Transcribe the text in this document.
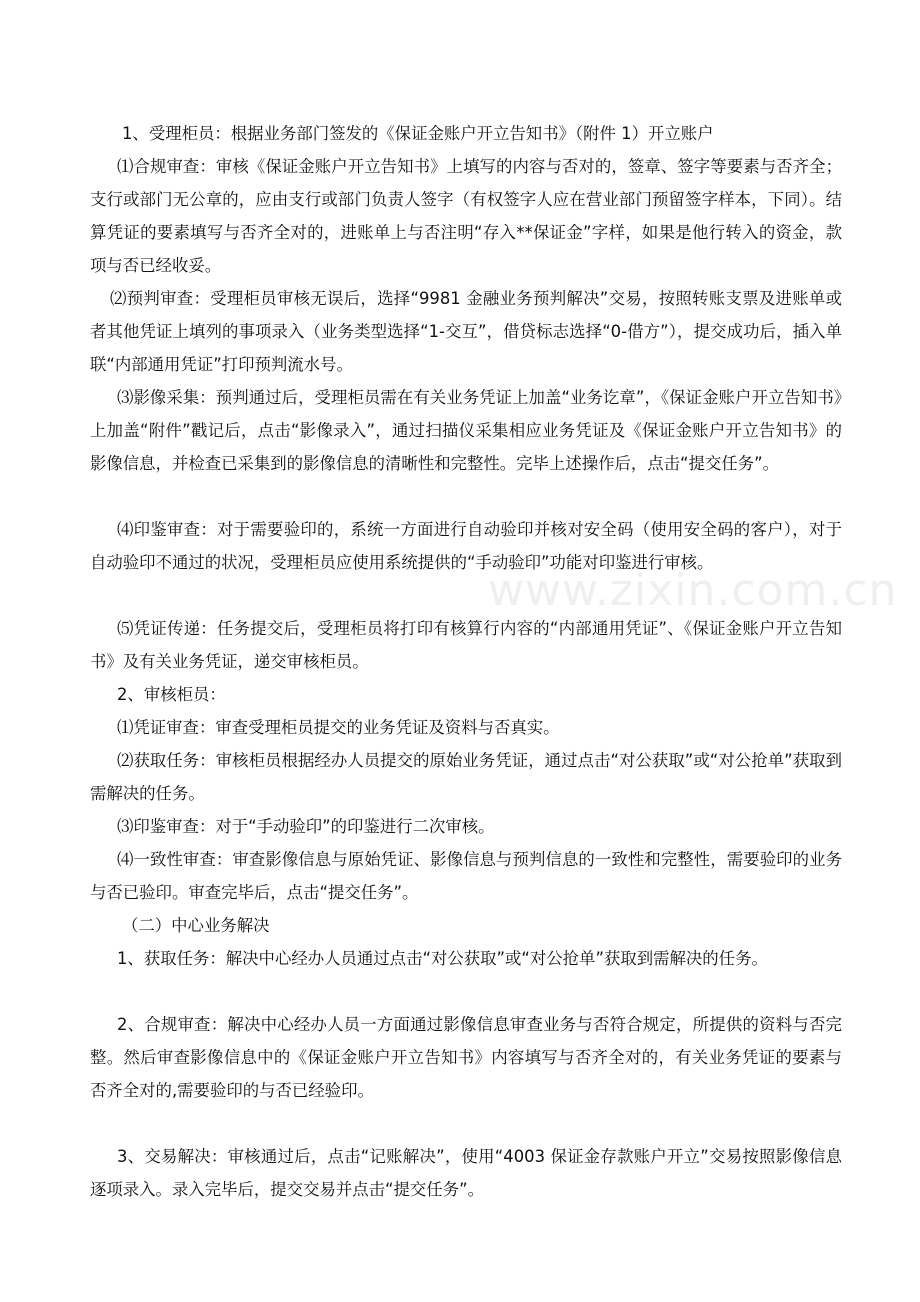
1、受理柜员：根据业务部门签发的《保证金账户开立告知书》（附件 1）开立账户

⑴合规审查：审核《保证金账户开立告知书》上填写的内容与否对的，签章、签字等要素与否齐全；支行或部门无公章的，应由支行或部门负责人签字（有权签字人应在营业部门预留签字样本，下同）。结算凭证的要素填写与否齐全对的，进账单上与否注明“存入**保证金”字样，如果是他行转入的资金，款项与否已经收妥。

⑵预判审查：受理柜员审核无误后，选择“9981 金融业务预判解决”交易，按照转账支票及进账单或者其他凭证上填列的事项录入（业务类型选择“1-交互”，借贷标志选择“0-借方”），提交成功后，插入单联“内部通用凭证”打印预判流水号。

⑶影像采集：预判通过后，受理柜员需在有关业务凭证上加盖“业务讫章”，《保证金账户开立告知书》上加盖“附件”戳记后，点击“影像录入”，通过扫描仪采集相应业务凭证及《保证金账户开立告知书》的影像信息，并检查已采集到的影像信息的清晰性和完整性。完毕上述操作后，点击“提交任务”。

⑷印鉴审查：对于需要验印的，系统一方面进行自动验印并核对安全码（使用安全码的客户），对于自动验印不通过的状况，受理柜员应使用系统提供的“手动验印”功能对印鉴进行审核。

⑸凭证传递：任务提交后，受理柜员将打印有核算行内容的“内部通用凭证”、《保证金账户开立告知书》及有关业务凭证，递交审核柜员。

2、审核柜员：

⑴凭证审查：审查受理柜员提交的业务凭证及资料与否真实。

⑵获取任务：审核柜员根据经办人员提交的原始业务凭证，通过点击“对公获取”或“对公抢单”获取到需解决的任务。

⑶印鉴审查：对于“手动验印”的印鉴进行二次审核。

⑷一致性审查：审查影像信息与原始凭证、影像信息与预判信息的一致性和完整性，需要验印的业务与否已验印。审查完毕后，点击“提交任务”。

（二）中心业务解决

1、获取任务：解决中心经办人员通过点击“对公获取”或“对公抢单”获取到需解决的任务。

2、合规审查：解决中心经办人员一方面通过影像信息审查业务与否符合规定，所提供的资料与否完整。然后审查影像信息中的《保证金账户开立告知书》内容填写与否齐全对的，有关业务凭证的要素与否齐全对的,需要验印的与否已经验印。

3、交易解决：审核通过后，点击“记账解决”，使用“4003 保证金存款账户开立”交易按照影像信息逐项录入。录入完毕后，提交交易并点击“提交任务”。

www.zixin.com.cn
